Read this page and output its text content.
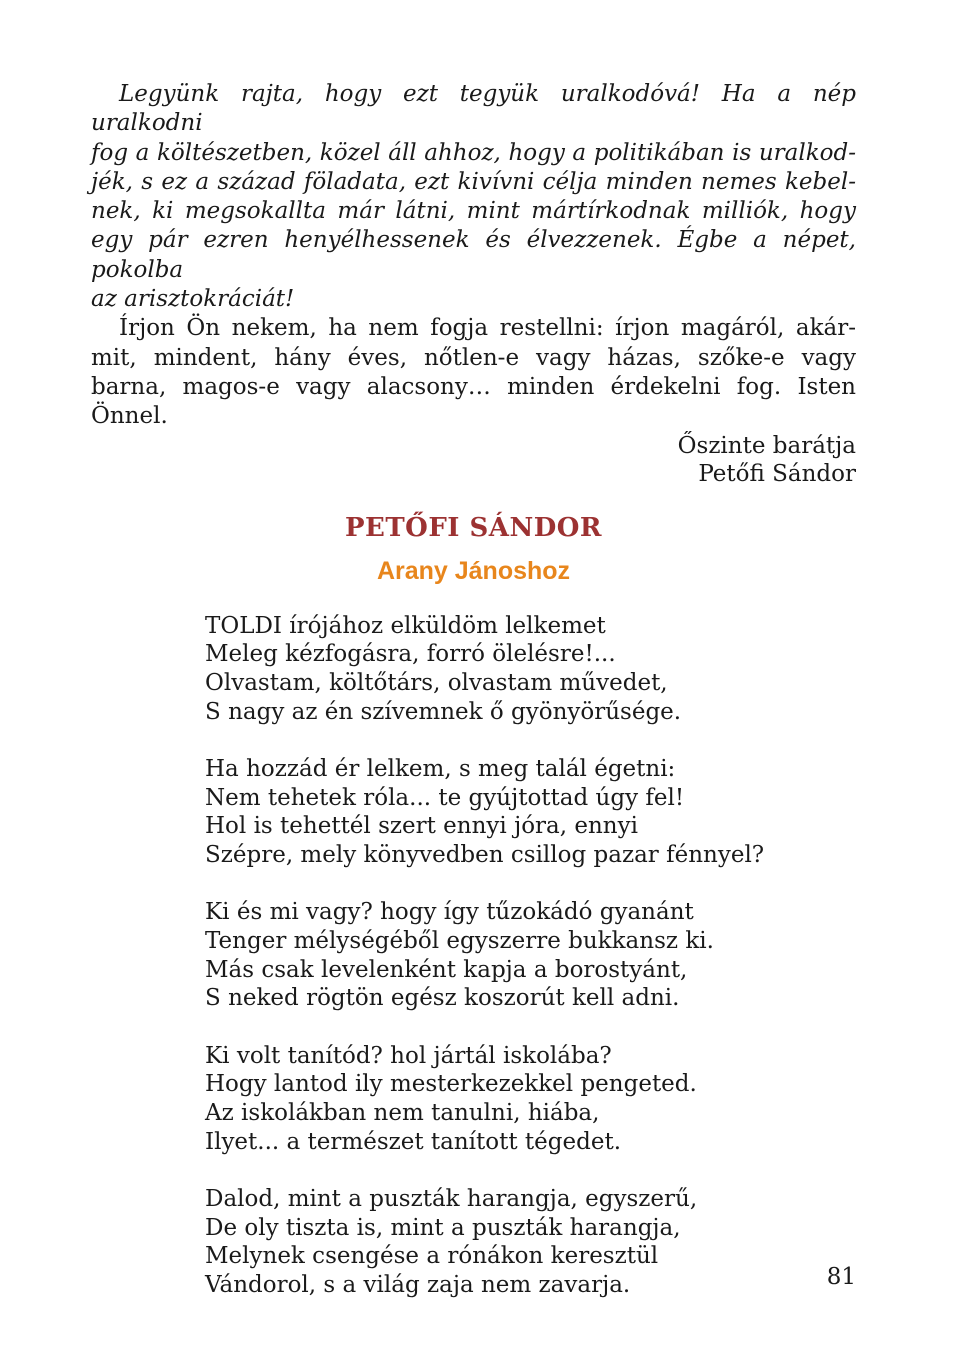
Legyünk rajta, hogy ezt tegyük uralkodóvá! Ha a nép uralkodni
fog a költészetben, közel áll ahhoz, hogy a politikában is uralkod-
jék, s ez a század föladata, ezt kivívni célja minden nemes kebel-
nek, ki megsokallta már látni, mint mártírkodnak milliók, hogy
egy pár ezren henyélhessenek és élvezzenek. Égbe a népet, pokolba
az arisztokráciát!

Írjon Ön nekem, ha nem fogja restellni: írjon magáról, akár-
mit, mindent, hány éves, nőtlen-e vagy házas, szőke-e vagy
barna, magos-e vagy alacsony… minden érdekelni fog. Isten
Önnel.

Őszinte barátja
Petőfi Sándor
PETŐFI SÁNDOR
Arany Jánoshoz
TOLDI írójához elküldöm lelkemet
Meleg kézfogásra, forró ölelésre!...
Olvastam, költőtárs, olvastam művedet,
S nagy az én szívemnek ő gyönyörűsége.
Ha hozzád ér lelkem, s meg talál égetni:
Nem tehetek róla... te gyújtottad úgy fel!
Hol is tehettél szert ennyi jóra, ennyi
Szépre, mely könyvedben csillog pazar fénnyel?
Ki és mi vagy? hogy így tűzokádó gyanánt
Tenger mélységéből egyszerre bukkansz ki.
Más csak levelenként kapja a borostyánt,
S neked rögtön egész koszorút kell adni.
Ki volt tanítód? hol jártál iskolába?
Hogy lantod ily mesterkezekkel pengeted.
Az iskolákban nem tanulni, hiába,
Ilyet... a természet tanított tégedet.
Dalod, mint a puszták harangja, egyszerű,
De oly tiszta is, mint a puszták harangja,
Melynek csengése a rónákon keresztül
Vándorol, s a világ zaja nem zavarja.	81
